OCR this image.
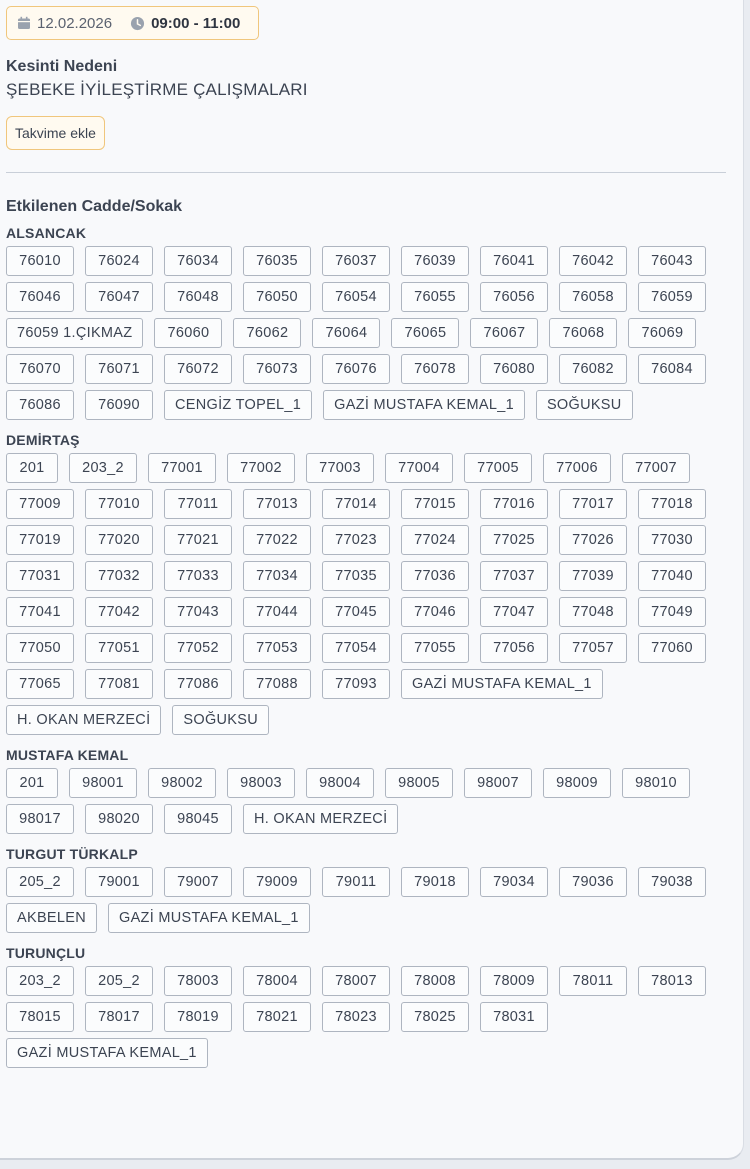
12.02.2026	09:00 - 11:00
Kesinti Nedeni
ŞEBEKE İYİLEŞTİRME ÇALIŞMALARI
Takvime ekle
Etkilenen Cadde/Sokak
ALSANCAK
76010	76024	76034	76035	76037	76039	76041	76042	76043
76046	76047	76048	76050	76054	76055	76056	76058	76059
76059 1.ÇIKMAZ	76060	76062	76064	76065	76067	76068	76069
76070	76071	76072	76073	76076	76078	76080	76082	76084
76086	76090	CENGİZ TOPEL_1	GAZİ MUSTAFA KEMAL_1	SOĞUKSU
DEMİRTAŞ
201	203_2	77001	77002	77003	77004	77005	77006	77007
77009	77010	77011	77013	77014	77015	77016	77017	77018
77019	77020	77021	77022	77023	77024	77025	77026	77030
77031	77032	77033	77034	77035	77036	77037	77039	77040
77041	77042	77043	77044	77045	77046	77047	77048	77049
77050	77051	77052	77053	77054	77055	77056	77057	77060
77065	77081	77086	77088	77093	GAZİ MUSTAFA KEMAL_1
H. OKAN MERZECİ	SOĞUKSU
MUSTAFA KEMAL
201	98001	98002	98003	98004	98005	98007	98009	98010
98017	98020	98045	H. OKAN MERZECİ
TURGUT TÜRKALP
205_2	79001	79007	79009	79011	79018	79034	79036	79038
AKBELEN	GAZİ MUSTAFA KEMAL_1
TURUNÇLU
203_2	205_2	78003	78004	78007	78008	78009	78011	78013
78015	78017	78019	78021	78023	78025	78031
GAZİ MUSTAFA KEMAL_1
